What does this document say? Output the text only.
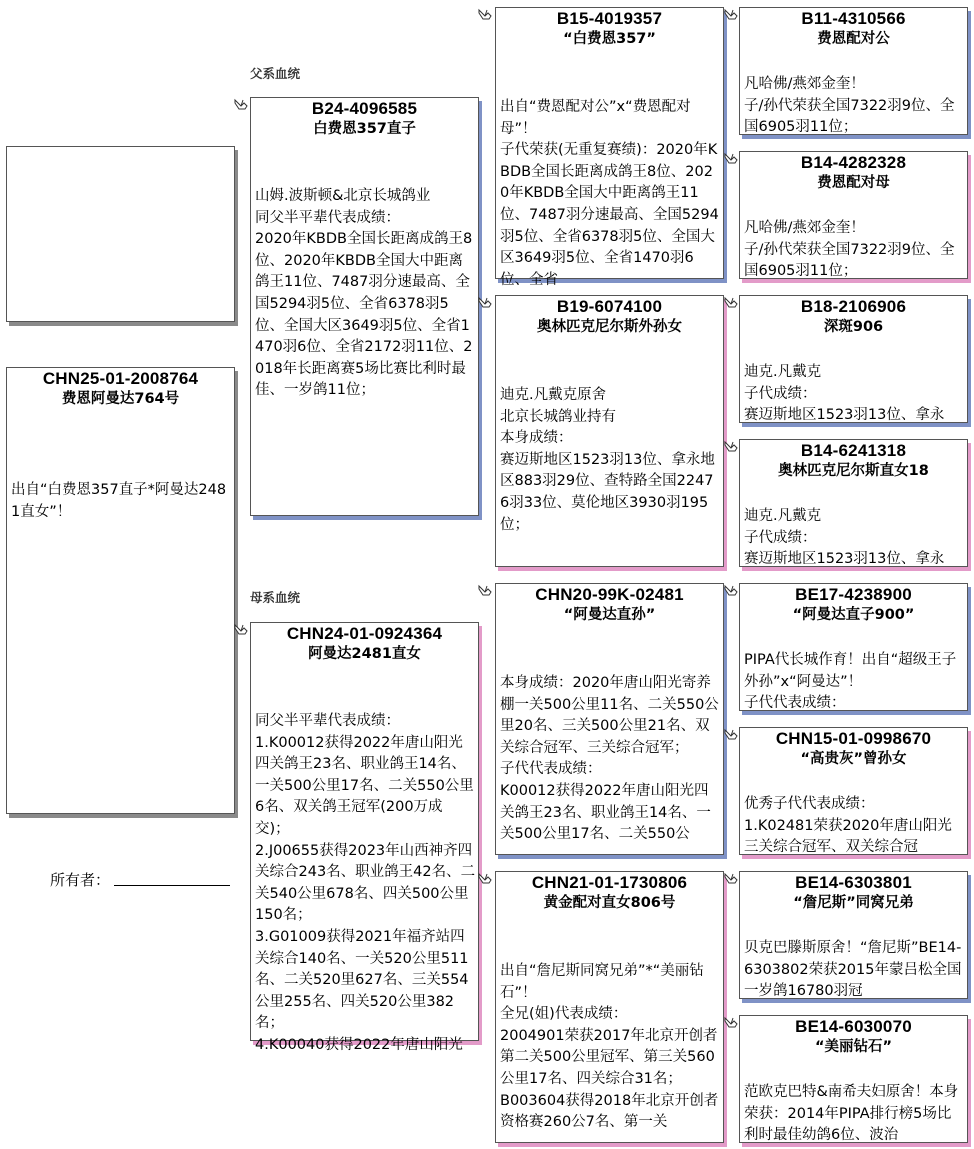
父系血统
母系血统
CHN25-01-2008764
费恩阿曼达764号
出自“白费恩357直子*阿曼达2481直女”！
所有者：
B24-4096585
白费恩357直子
山姆.波斯顿&北京长城鸽业
同父半平辈代表成绩：
2020年KBDB全国长距离成鸽王8位、2020年KBDB全国大中距离鸽王11位、7487羽分速最高、全国5294羽5位、全省6378羽5位、全国大区3649羽5位、全省1470羽6位、全省2172羽11位、2018年长距离赛5场比赛比利时最佳、一岁鸽11位；
CHN24-01-0924364
阿曼达2481直女
同父半平辈代表成绩：
1.K00012获得2022年唐山阳光四关鸽王23名、职业鸽王14名、一关500公里17名、二关550公里6名、双关鸽王冠军(200万成交)；
2.J00655获得2023年山西神齐四关综合243名、职业鸽王42名、二关540公里678名、四关500公里150名；
3.G01009获得2021年福齐站四关综合140名、一关520公里511名、二关520里627名、三关554公里255名、四关520公里382名；
4.K00040获得2022年唐山阳光
B15-4019357
“白费恩357”
出自“费恩配对公”x“费恩配对母”！
子代荣获(无重复赛绩)：2020年KBDB全国长距离成鸽王8位、2020年KBDB全国大中距离鸽王11位、7487羽分速最高、全国5294羽5位、全省6378羽5位、全国大区3649羽5位、全省1470羽6位、全省
B19-6074100
奥林匹克尼尔斯外孙女
迪克.凡戴克原舍
北京长城鸽业持有
本身成绩：
赛迈斯地区1523羽13位、拿永地区883羽29位、查特路全国22476羽33位、莫伦地区3930羽195位；
CHN20-99K-02481
“阿曼达直孙”
本身成绩：2020年唐山阳光寄养棚一关500公里11名、二关550公里20名、三关500公里21名、双关综合冠军、三关综合冠军；
子代代表成绩：
K00012获得2022年唐山阳光四关鸽王23名、职业鸽王14名、一关500公里17名、二关550公
CHN21-01-1730806
黄金配对直女806号
出自“詹尼斯同窝兄弟”*“美丽钻石”！
全兄(姐)代表成绩：
2004901荣获2017年北京开创者第二关500公里冠军、第三关560公里17名、四关综合31名；
B003604获得2018年北京开创者资格赛260公7名、第一关
B11-4310566
费恩配对公
凡哈佛/燕郊金奎！
子/孙代荣获全国7322羽9位、全国6905羽11位；
B14-4282328
费恩配对母
凡哈佛/燕郊金奎！
子/孙代荣获全国7322羽9位、全国6905羽11位；
B18-2106906
深斑906
迪克.凡戴克
子代成绩：
赛迈斯地区1523羽13位、拿永
B14-6241318
奥林匹克尼尔斯直女18
迪克.凡戴克
子代成绩：
赛迈斯地区1523羽13位、拿永
BE17-4238900
“阿曼达直子900”
PIPA代长城作育！出自“超级王子外孙”x“阿曼达”！
子代代表成绩：
CHN15-01-0998670
“高贵灰”曾孙女
优秀子代代表成绩：
1.K02481荣获2020年唐山阳光三关综合冠军、双关综合冠
BE14-6303801
“詹尼斯”同窝兄弟
贝克巴滕斯原舍！“詹尼斯”BE14-6303802荣获2015年蒙吕松全国一岁鸽16780羽冠
BE14-6030070
“美丽钻石”
范欧克巴特&南希夫妇原舍！本身荣获：2014年PIPA排行榜5场比利时最佳幼鸽6位、波治
